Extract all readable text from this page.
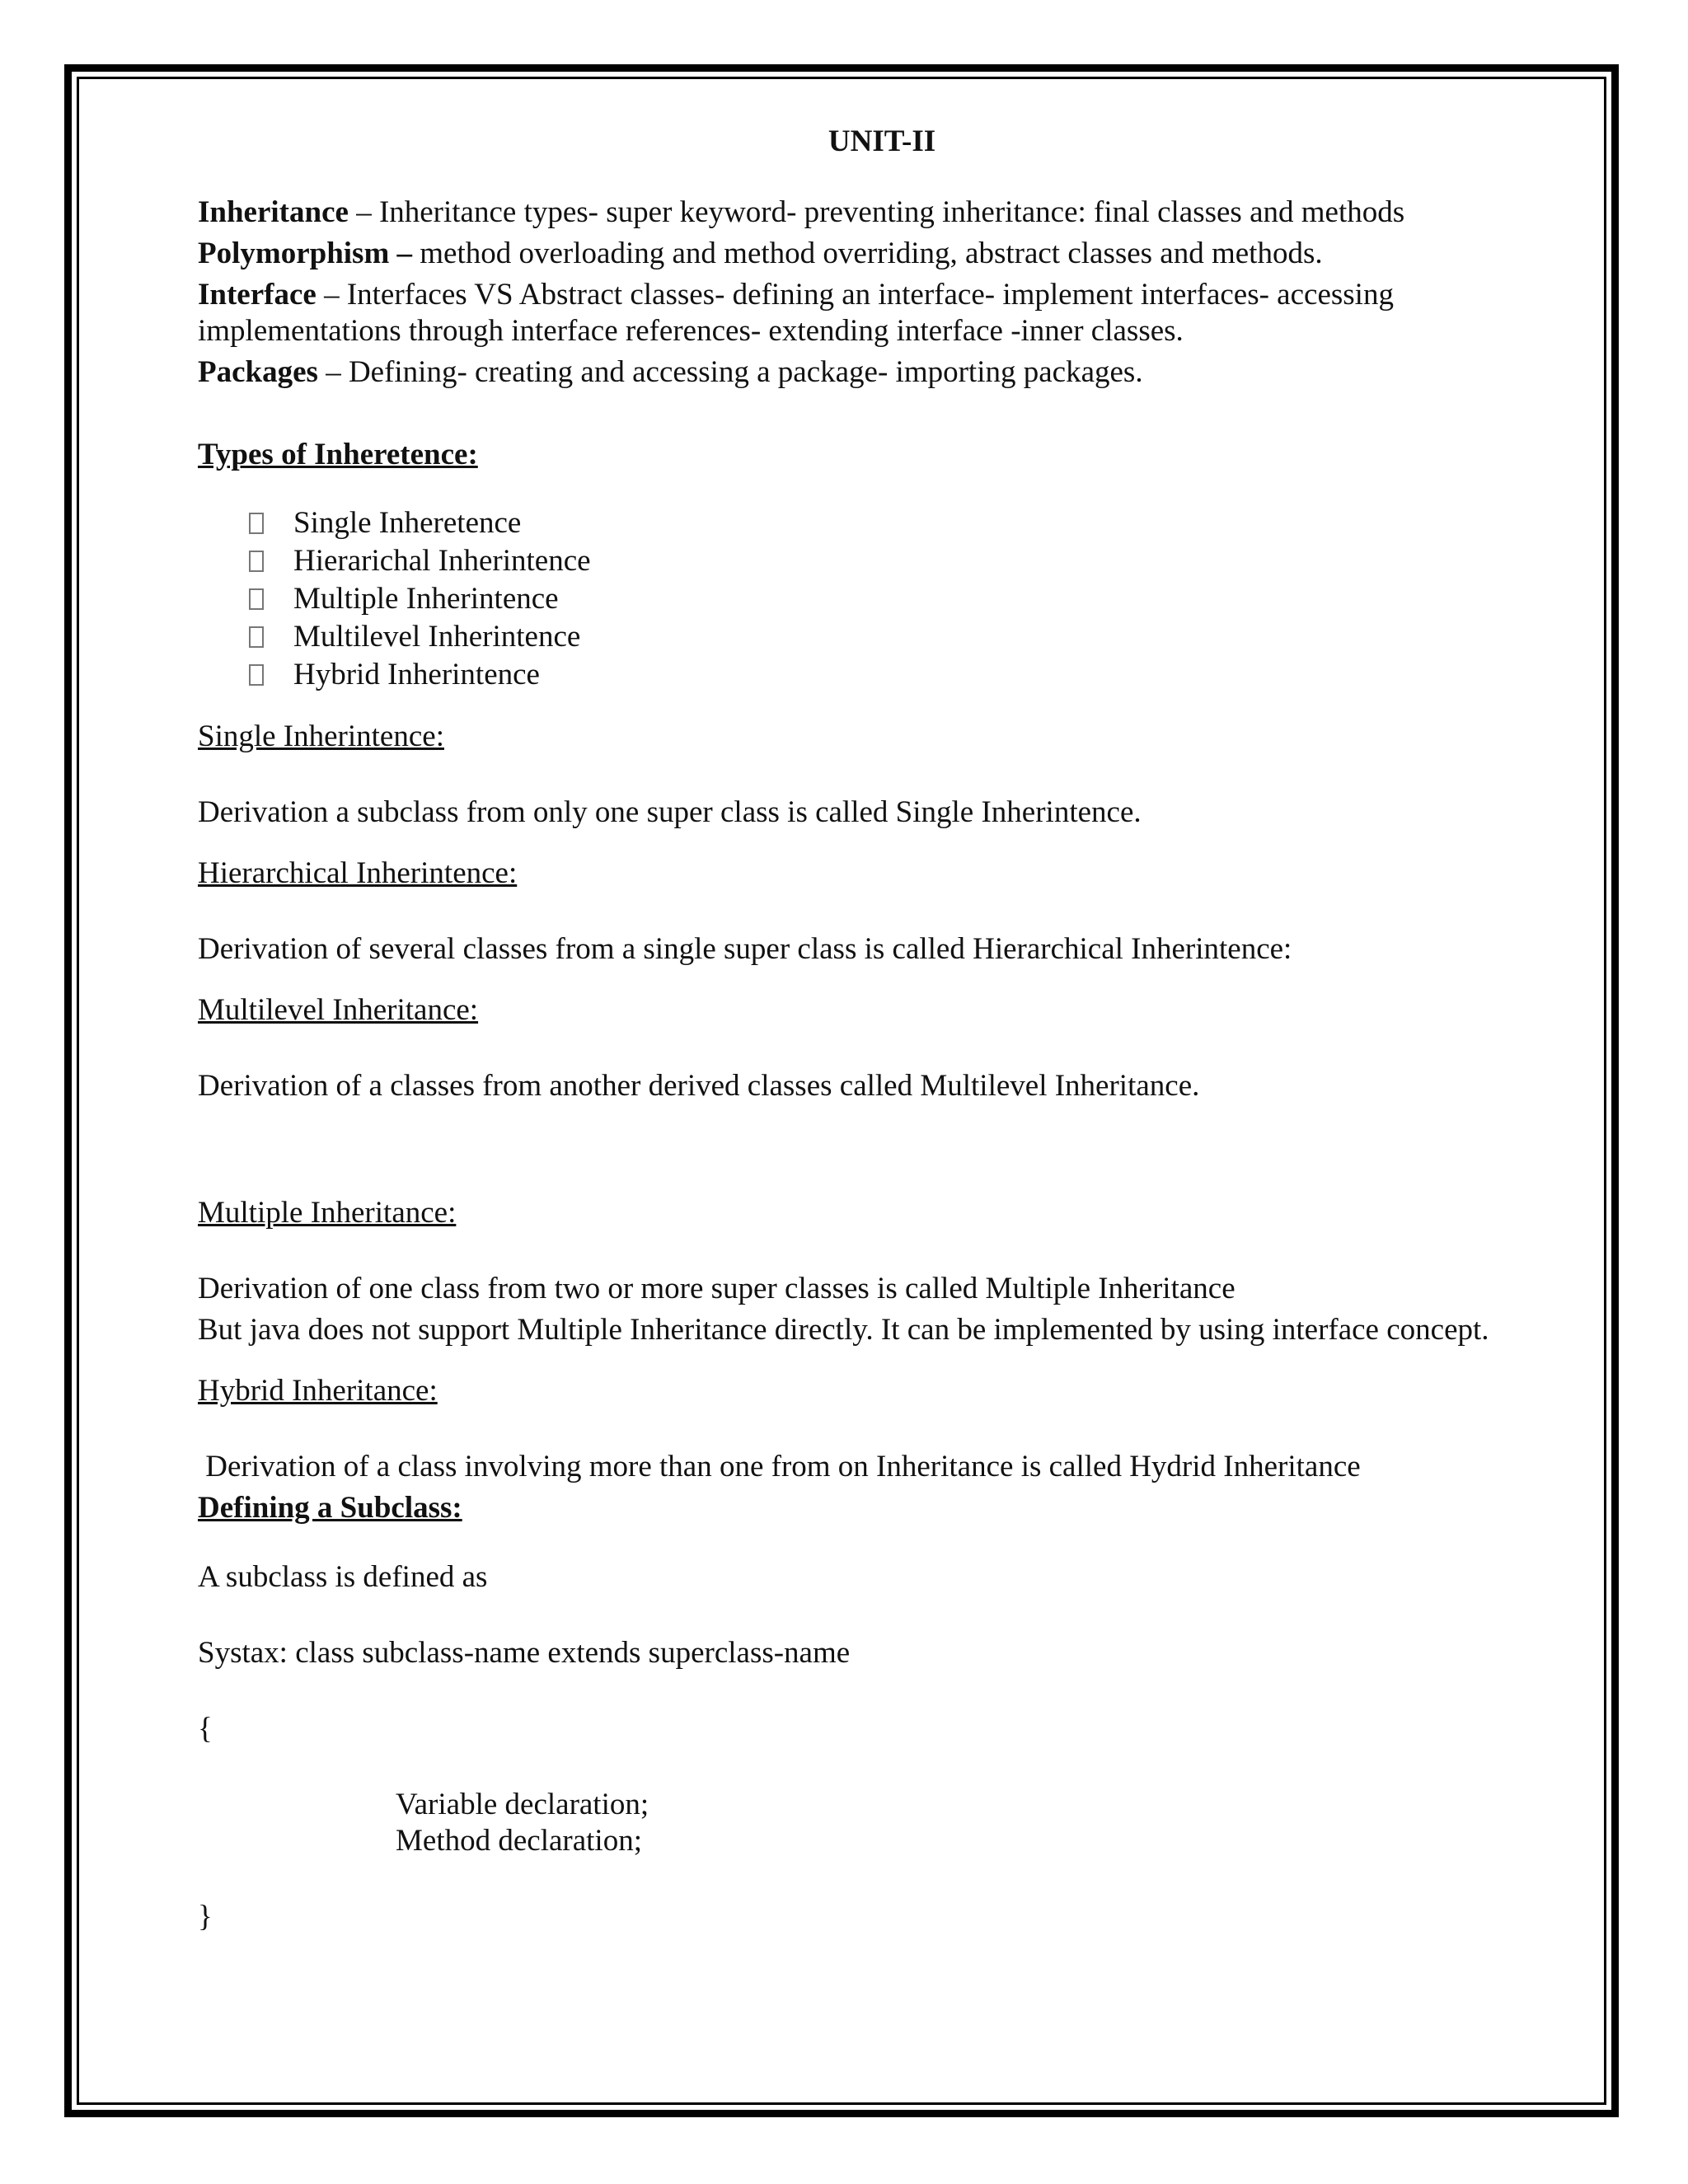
UNIT-II
Inheritance – Inheritance types- super keyword- preventing inheritance: final classes and methods
Polymorphism – method overloading and method overriding, abstract classes and methods.
Interface – Interfaces VS Abstract classes- defining an interface- implement interfaces- accessing implementations through interface references- extending interface -inner classes.
Packages – Defining- creating and accessing a package- importing packages.
Types of Inheretence:
Single Inheretence
Hierarichal Inherintence
Multiple Inherintence
Multilevel Inherintence
Hybrid Inherintence
Single Inherintence:
Derivation a subclass from only one super class is called Single Inherintence.
Hierarchical Inherintence:
Derivation of several classes from a single super class is called Hierarchical Inherintence:
Multilevel Inheritance:
Derivation of a classes from another derived classes called Multilevel Inheritance.
Multiple Inheritance:
Derivation of one class from two or more super classes is called Multiple Inheritance
But java does not support Multiple Inheritance directly. It can be implemented by using interface concept.
Hybrid Inheritance:
Derivation of a class involving more than one from on Inheritance is called Hydrid Inheritance
Defining a Subclass:
A subclass is defined as
Systax: class subclass-name extends superclass-name
{
Variable declaration;
Method declaration;
}
